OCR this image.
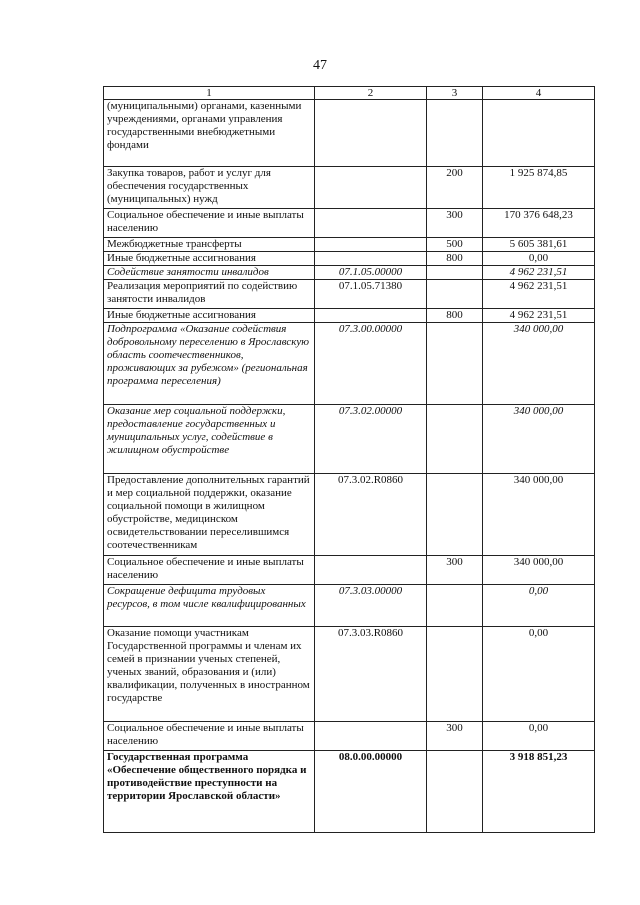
47
1	2	3	4
(муниципальными) органами, казенными учреждениями, органами управления государственными внебюджетными фондами			
Закупка товаров, работ и услуг для обеспечения государственных (муниципальных) нужд		200	1 925 874,85
Социальное обеспечение и иные выплаты населению		300	170 376 648,23
Межбюджетные трансферты		500	5 605 381,61
Иные бюджетные ассигнования		800	0,00
Содействие занятости инвалидов	07.1.05.00000		4 962 231,51
Реализация мероприятий по содействию занятости инвалидов	07.1.05.71380		4 962 231,51
Иные бюджетные ассигнования		800	4 962 231,51
Подпрограмма «Оказание содействия добровольному переселению в Ярославскую область соотечественников, проживающих за рубежом» (региональная программа переселения)	07.3.00.00000		340 000,00
Оказание мер социальной поддержки, предоставление государственных и муниципальных услуг, содействие в жилищном обустройстве	07.3.02.00000		340 000,00
Предоставление дополнительных гарантий и мер социальной поддержки, оказание социальной помощи в жилищном обустройстве, медицинском освидетельствовании переселившимся соотечественникам	07.3.02.R0860		340 000,00
Социальное обеспечение и иные выплаты населению		300	340 000,00
Сокращение дефицита трудовых ресурсов, в том числе квалифицированных	07.3.03.00000		0,00
Оказание помощи участникам Государственной программы и членам их семей в признании ученых степеней, ученых званий, образования и (или) квалификации, полученных в иностранном государстве	07.3.03.R0860		0,00
Социальное обеспечение и иные выплаты населению		300	0,00
Государственная программа «Обеспечение общественного порядка и противодействие преступности на территории Ярославской области»	08.0.00.00000		3 918 851,23
